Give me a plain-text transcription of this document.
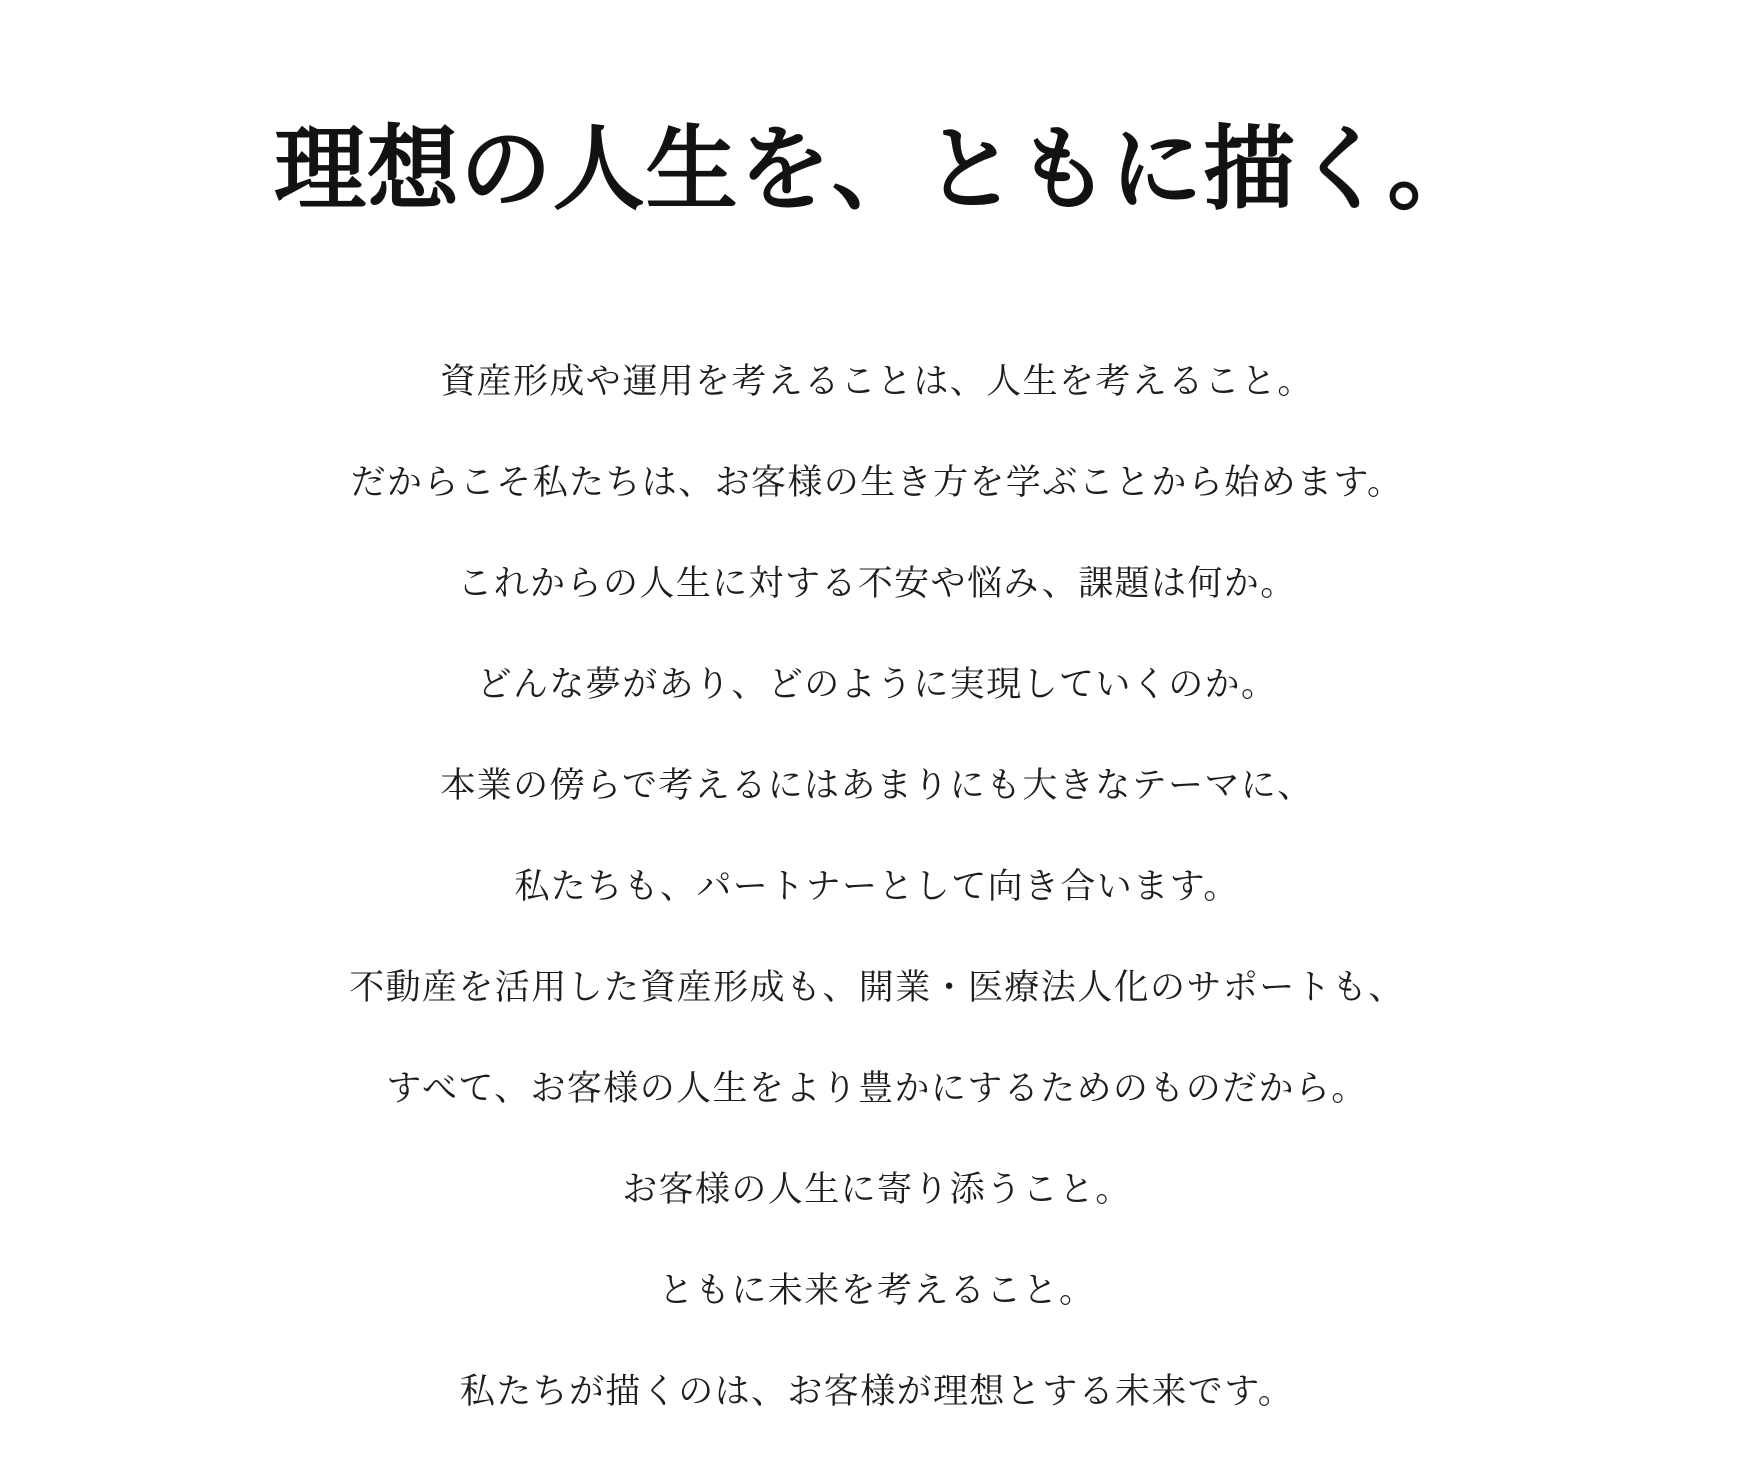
理想の人生を、ともに描く。

資産形成や運用を考えることは、人生を考えること。

だからこそ私たちは、お客様の生き方を学ぶことから始めます。

これからの人生に対する不安や悩み、課題は何か。

どんな夢があり、どのように実現していくのか。

本業の傍らで考えるにはあまりにも大きなテーマに、

私たちも、パートナーとして向き合います。

不動産を活用した資産形成も、開業・医療法人化のサポートも、

すべて、お客様の人生をより豊かにするためのものだから。

お客様の人生に寄り添うこと。

ともに未来を考えること。

私たちが描くのは、お客様が理想とする未来です。
